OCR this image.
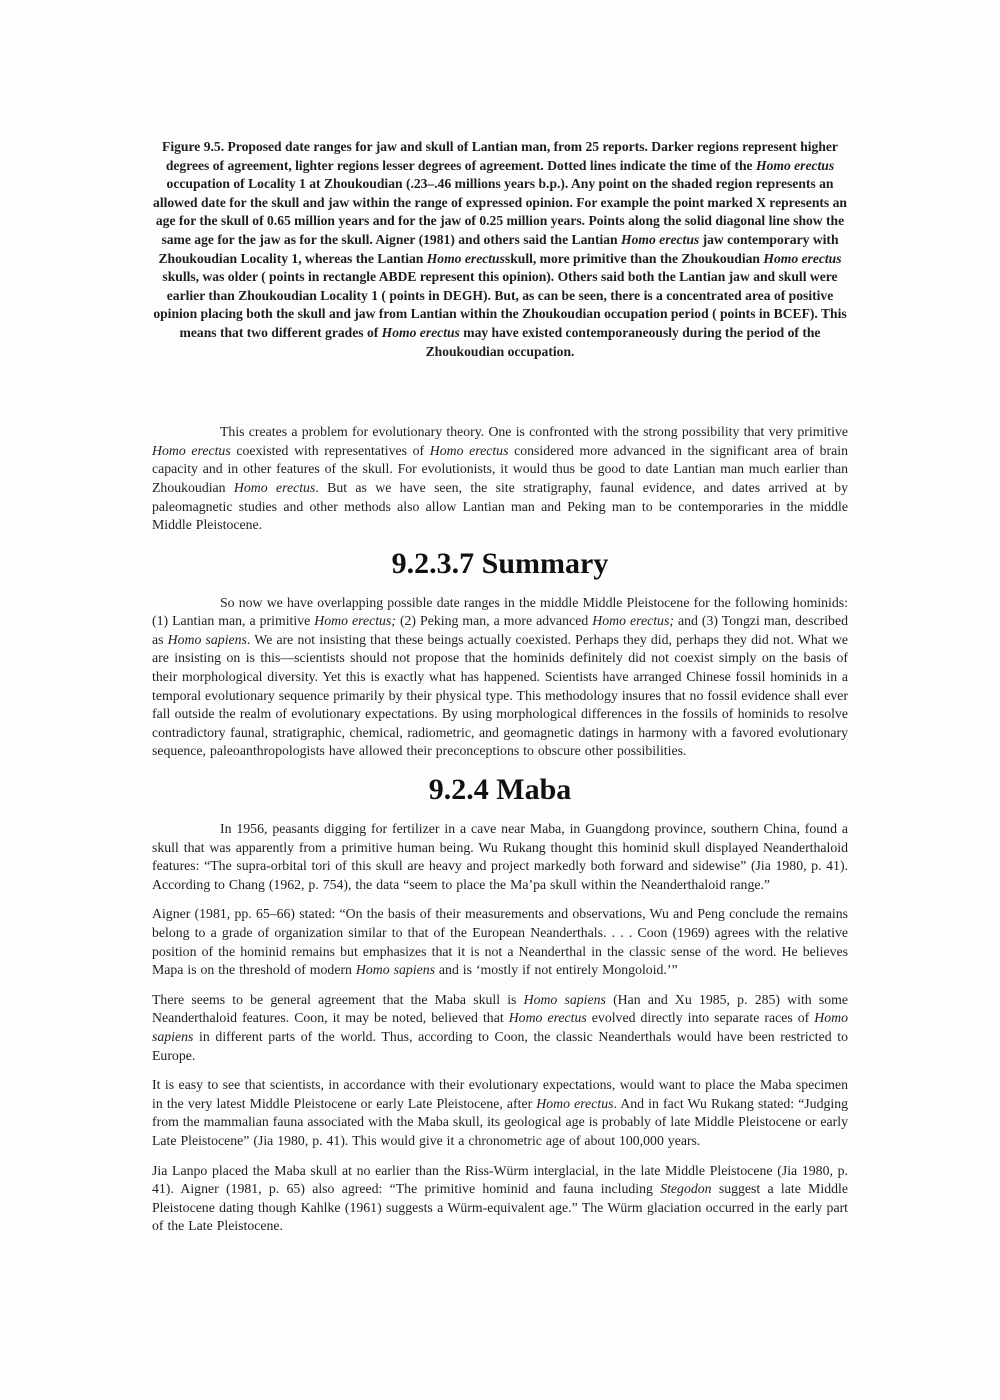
Figure 9.5. Proposed date ranges for jaw and skull of Lantian man, from 25 reports. Darker regions represent higher degrees of agreement, lighter regions lesser degrees of agreement. Dotted lines indicate the time of the Homo erectus occupation of Locality 1 at Zhoukoudian (.23–.46 millions years b.p.). Any point on the shaded region represents an allowed date for the skull and jaw within the range of expressed opinion. For example the point marked X represents an age for the skull of 0.65 million years and for the jaw of 0.25 million years. Points along the solid diagonal line show the same age for the jaw as for the skull. Aigner (1981) and others said the Lantian Homo erectus jaw contemporary with Zhoukoudian Locality 1, whereas the Lantian Homo erectusskull, more primitive than the Zhoukoudian Homo erectus skulls, was older ( points in rectangle ABDE represent this opinion). Others said both the Lantian jaw and skull were earlier than Zhoukoudian Locality 1 ( points in DEGH). But, as can be seen, there is a concentrated area of positive opinion placing both the skull and jaw from Lantian within the Zhoukoudian occupation period ( points in BCEF). This means that two different grades of Homo erectus may have existed contemporaneously during the period of the Zhoukoudian occupation.
This creates a problem for evolutionary theory. One is confronted with the strong possibility that very primitive Homo erectus coexisted with representatives of Homo erectus considered more advanced in the significant area of brain capacity and in other features of the skull. For evolutionists, it would thus be good to date Lantian man much earlier than Zhoukoudian Homo erectus. But as we have seen, the site stratigraphy, faunal evidence, and dates arrived at by paleomagnetic studies and other methods also allow Lantian man and Peking man to be contemporaries in the middle Middle Pleistocene.
9.2.3.7 Summary
So now we have overlapping possible date ranges in the middle Middle Pleistocene for the following hominids: (1) Lantian man, a primitive Homo erectus; (2) Peking man, a more advanced Homo erectus; and (3) Tongzi man, described as Homo sapiens. We are not insisting that these beings actually coexisted. Perhaps they did, perhaps they did not. What we are insisting on is this—scientists should not propose that the hominids definitely did not coexist simply on the basis of their morphological diversity. Yet this is exactly what has happened. Scientists have arranged Chinese fossil hominids in a temporal evolutionary sequence primarily by their physical type. This methodology insures that no fossil evidence shall ever fall outside the realm of evolutionary expectations. By using morphological differences in the fossils of hominids to resolve contradictory faunal, stratigraphic, chemical, radiometric, and geomagnetic datings in harmony with a favored evolutionary sequence, paleoanthropologists have allowed their preconceptions to obscure other possibilities.
9.2.4 Maba
In 1956, peasants digging for fertilizer in a cave near Maba, in Guangdong province, southern China, found a skull that was apparently from a primitive human being. Wu Rukang thought this hominid skull displayed Neanderthaloid features: “The supra-orbital tori of this skull are heavy and project markedly both forward and sidewise” (Jia 1980, p. 41). According to Chang (1962, p. 754), the data “seem to place the Ma’pa skull within the Neanderthaloid range.”
Aigner (1981, pp. 65–66) stated: “On the basis of their measurements and observations, Wu and Peng conclude the remains belong to a grade of organization similar to that of the European Neanderthals. . . . Coon (1969) agrees with the relative position of the hominid remains but emphasizes that it is not a Neanderthal in the classic sense of the word. He believes Mapa is on the threshold of modern Homo sapiens and is ‘mostly if not entirely Mongoloid.’”
There seems to be general agreement that the Maba skull is Homo sapiens (Han and Xu 1985, p. 285) with some Neanderthaloid features. Coon, it may be noted, believed that Homo erectus evolved directly into separate races of Homo sapiens in different parts of the world. Thus, according to Coon, the classic Neanderthals would have been restricted to Europe.
It is easy to see that scientists, in accordance with their evolutionary expectations, would want to place the Maba specimen in the very latest Middle Pleistocene or early Late Pleistocene, after Homo erectus. And in fact Wu Rukang stated: “Judging from the mammalian fauna associated with the Maba skull, its geological age is probably of late Middle Pleistocene or early Late Pleistocene” (Jia 1980, p. 41). This would give it a chronometric age of about 100,000 years.
Jia Lanpo placed the Maba skull at no earlier than the Riss-Würm interglacial, in the late Middle Pleistocene (Jia 1980, p. 41). Aigner (1981, p. 65) also agreed: “The primitive hominid and fauna including Stegodon suggest a late Middle Pleistocene dating though Kahlke (1961) suggests a Würm-equivalent age.” The Würm glaciation occurred in the early part of the Late Pleistocene.
